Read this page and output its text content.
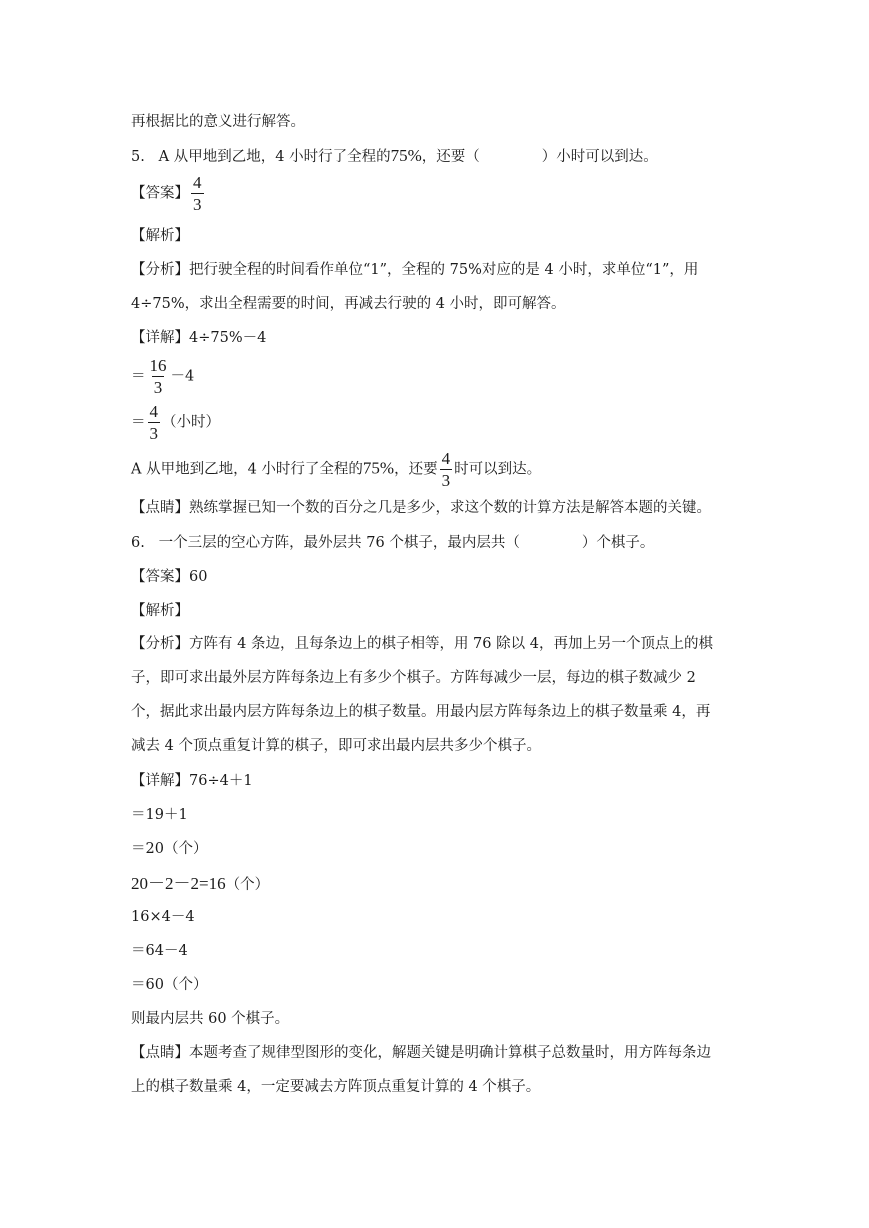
再根据比的意义进行解答。
5. A 从甲地到乙地，4 小时行了全程的75%，还要（	）小时可以到达。
【答案】 $\frac{4}{3}$
【解析】
【分析】把行驶全程的时间看作单位“1”，全程的 75%对应的是 4 小时，求单位“1”，用
4÷75%，求出全程需要的时间，再减去行驶的 4 小时，即可解答。
【详解】4÷75%－4
＝ $\frac{16}{3} -4$
＝ $\frac{4}{3}$ （小时）
A 从甲地到乙地，4 小时行了全程的75%，还要 $\frac{4}{3}$ 时可以到达。
【点睛】熟练掌握已知一个数的百分之几是多少，求这个数的计算方法是解答本题的关键。
6. 一个三层的空心方阵，最外层共 76 个棋子，最内层共（	）个棋子。
【答案】60
【解析】
【分析】方阵有 4 条边，且每条边上的棋子相等，用 76 除以 4，再加上另一个顶点上的棋
子，即可求出最外层方阵每条边上有多少个棋子。方阵每减少一层，每边的棋子数减少 2
个，据此求出最内层方阵每条边上的棋子数量。用最内层方阵每条边上的棋子数量乘 4，再
减去 4 个顶点重复计算的棋子，即可求出最内层共多少个棋子。
【详解】76÷4＋1
＝19＋1
＝20（个）
20－2－2=16（个）
16×4－4
＝64－4
＝60（个）
则最内层共 60 个棋子。
【点睛】本题考查了规律型图形的变化，解题关键是明确计算棋子总数量时，用方阵每条边
上的棋子数量乘 4，一定要减去方阵顶点重复计算的 4 个棋子。
